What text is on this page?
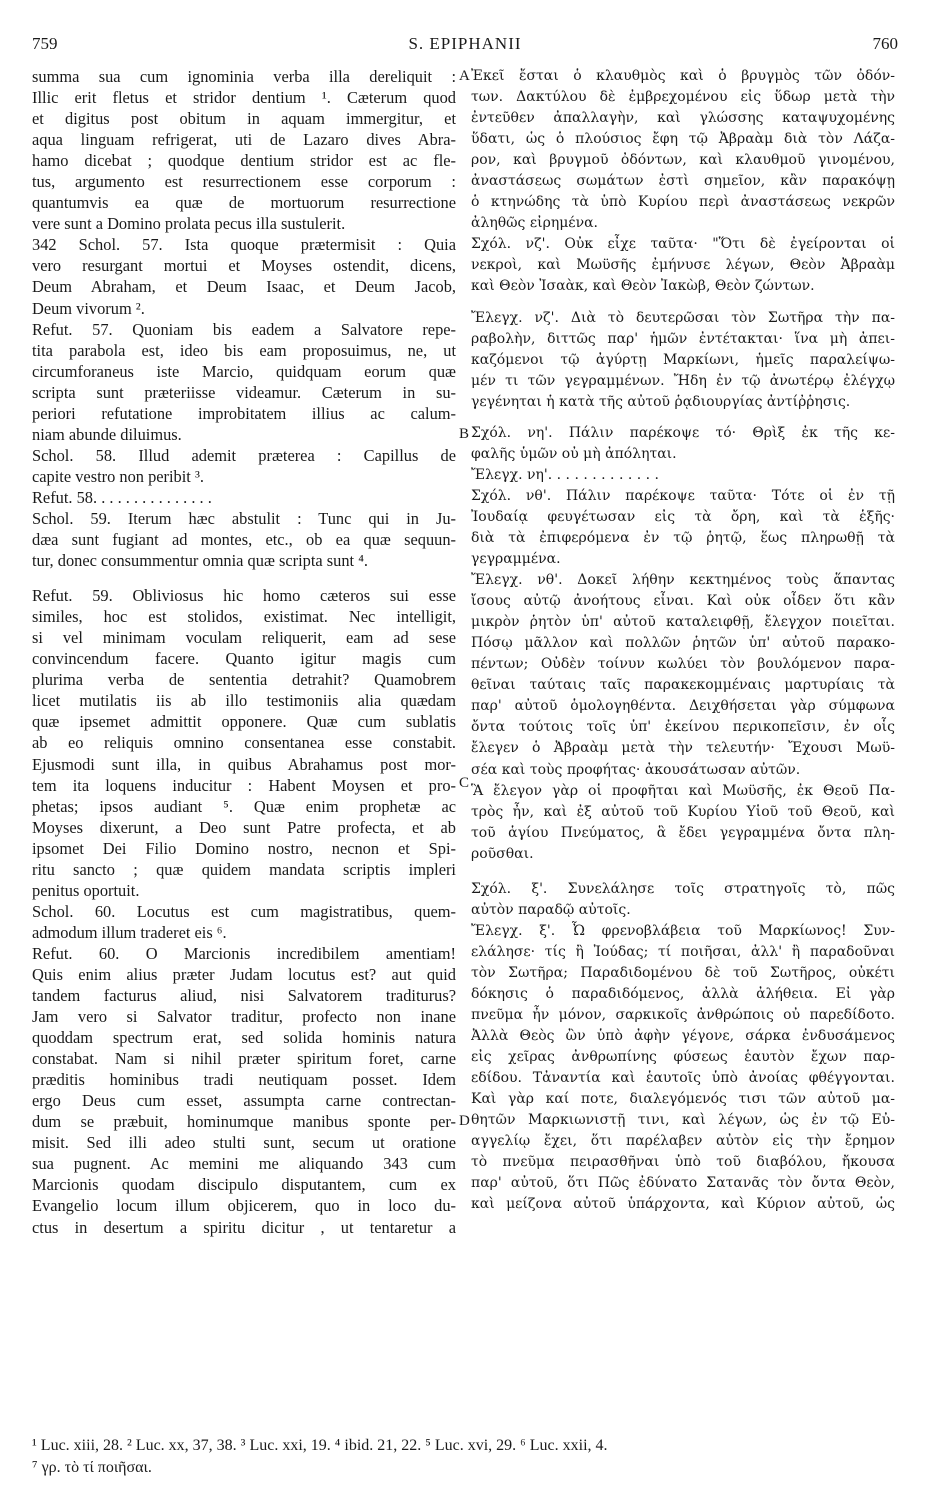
759	S. EPIPHANII	760
A
B
C
D
summa sua cum ignominia verba illa dereliquit :
Illic erit fletus et stridor dentium ¹. Cæterum quod
et digitus post obitum in aquam immergitur, et
aqua linguam refrigerat, uti de Lazaro dives Abra-
hamo dicebat ; quodque dentium stridor est ac fle-
tus, argumento est resurrectionem esse corporum :
quantumvis ea quæ de mortuorum resurrectione
vere sunt a Domino prolata pecus illa sustulerit.
342 Schol. 57. Ista quoque prætermisit : Quia
vero resurgant mortui et Moyses ostendit, dicens,
Deum Abraham, et Deum Isaac, et Deum Jacob,
Deum vivorum ².
Refut. 57. Quoniam bis eadem a Salvatore repe-
tita parabola est, ideo bis eam proposuimus, ne, ut
circumforaneus iste Marcio, quidquam eorum quæ
scripta sunt præteriisse videamur. Cæterum in su-
periori refutatione improbitatem illius ac calum-
niam abunde diluimus.
Schol. 58. Illud ademit præterea : Capillus de
capite vestro non peribit ³.
Refut. 58. . . . . . . . . . . . . . .
Schol. 59. Iterum hæc abstulit : Tunc qui in Ju-
dæa sunt fugiant ad montes, etc., ob ea quæ sequun-
tur, donec consummentur omnia quæ scripta sunt ⁴.
Refut. 59. Obliviosus hic homo cæteros sui esse
similes, hoc est stolidos, existimat. Nec intelligit,
si vel minimam voculam reliquerit, eam ad sese
convincendum facere. Quanto igitur magis cum
plurima verba de sententia detrahit? Quamobrem
licet mutilatis iis ab illo testimoniis alia quædam
quæ ipsemet admittit opponere. Quæ cum sublatis
ab eo reliquis omnino consentanea esse constabit.
Ejusmodi sunt illa, in quibus Abrahamus post mor-
tem ita loquens inducitur : Habent Moysen et pro-
phetas; ipsos audiant ⁵. Quæ enim prophetæ ac
Moyses dixerunt, a Deo sunt Patre profecta, et ab
ipsomet Dei Filio Domino nostro, necnon et Spi-
ritu sancto ; quæ quidem mandata scriptis impleri
penitus oportuit.
Schol. 60. Locutus est cum magistratibus, quem-
admodum illum traderet eis ⁶.
Refut. 60. O Marcionis incredibilem amentiam!
Quis enim alius præter Judam locutus est? aut quid
tandem facturus aliud, nisi Salvatorem traditurus?
Jam vero si Salvator traditur, profecto non inane
quoddam spectrum erat, sed solida hominis natura
constabat. Nam si nihil præter spiritum foret, carne
præditis hominibus tradi neutiquam posset. Idem
ergo Deus cum esset, assumpta carne contrectan-
dum se præbuit, hominumque manibus sponte per-
misit. Sed illi adeo stulti sunt, secum ut oratione
sua pugnent. Ac memini me aliquando 343 cum
Marcionis quodam discipulo disputantem, cum ex
Evangelio locum illum objicerem, quo in loco du-
ctus in desertum a spiritu dicitur , ut tentaretur a
Ἐκεῖ ἔσται ὁ κλαυθμὸς καὶ ὁ βρυγμὸς τῶν ὀδόν-
των. Δακτύλου δὲ ἐμβρεχομένου εἰς ὕδωρ μετὰ τὴν
ἐντεῦθεν ἀπαλλαγὴν, καὶ γλώσσης καταψυχομένης
ὕδατι, ὡς ὁ πλούσιος ἔφη τῷ Ἀβραὰμ διὰ τὸν Λάζα-
ρον, καὶ βρυγμοῦ ὀδόντων, καὶ κλαυθμοῦ γινομένου,
ἀναστάσεως σωμάτων ἐστὶ σημεῖον, κἂν παρακόψῃ
ὁ κτηνώδης τὰ ὑπὸ Κυρίου περὶ ἀναστάσεως νεκρῶν
ἀληθῶς εἰρημένα.
Σχόλ. νζ'. Οὐκ εἶχε ταῦτα· "Ὅτι δὲ ἐγείρονται οἱ
νεκροὶ, καὶ Μωϋσῆς ἐμήνυσε λέγων, Θεὸν Ἀβραὰμ
καὶ Θεὸν Ἰσαὰκ, καὶ Θεὸν Ἰακὼβ, Θεὸν ζώντων.
Ἔλεγχ. νζ'. Διὰ τὸ δευτερῶσαι τὸν Σωτῆρα τὴν πα-
ραβολὴν, διττῶς παρ' ἡμῶν ἐντέτακται· ἵνα μὴ ἀπει-
καζόμενοι τῷ ἀγύρτῃ Μαρκίωνι, ἡμεῖς παραλείψω-
μέν τι τῶν γεγραμμένων. Ἤδη ἐν τῷ ἀνωτέρῳ ἐλέγχῳ
γεγένηται ἡ κατὰ τῆς αὐτοῦ ῥᾳδιουργίας ἀντίῤῥησις.
Σχόλ. νη'. Πάλιν παρέκοψε τό· Θρὶξ ἐκ τῆς κε-
φαλῆς ὑμῶν οὐ μὴ ἀπόληται.
Ἔλεγχ. νη'. . . . . . . . . . . . .
Σχόλ. νθ'. Πάλιν παρέκοψε ταῦτα· Τότε οἱ ἐν τῇ
Ἰουδαίᾳ φευγέτωσαν εἰς τὰ ὄρη, καὶ τὰ ἑξῆς·
διὰ τὰ ἐπιφερόμενα ἐν τῷ ῥητῷ, ἕως πληρωθῇ τὰ
γεγραμμένα.
Ἔλεγχ. νθ'. Δοκεῖ λήθην κεκτημένος τοὺς ἅπαντας
ἴσους αὐτῷ ἀνοήτους εἶναι. Καὶ οὐκ οἶδεν ὅτι κἂν
μικρὸν ῥητὸν ὑπ' αὐτοῦ καταλειφθῇ, ἔλεγχον ποιεῖται.
Πόσῳ μᾶλλον καὶ πολλῶν ῥητῶν ὑπ' αὐτοῦ παρακο-
πέντων; Οὐδὲν τοίνυν κωλύει τὸν βουλόμενον παρα-
θεῖναι ταύταις ταῖς παρακεκομμέναις μαρτυρίαις τὰ
παρ' αὐτοῦ ὁμολογηθέντα. Δειχθήσεται γὰρ σύμφωνα
ὄντα τούτοις τοῖς ὑπ' ἐκείνου περικοπεῖσιν, ἐν οἷς
ἔλεγεν ὁ Ἀβραὰμ μετὰ τὴν τελευτήν· Ἔχουσι Μωϋ-
σέα καὶ τοὺς προφήτας· ἀκουσάτωσαν αὐτῶν.
Ἃ ἔλεγον γὰρ οἱ προφῆται καὶ Μωϋσῆς, ἐκ Θεοῦ Πα-
τρὸς ἦν, καὶ ἐξ αὐτοῦ τοῦ Κυρίου Υἱοῦ τοῦ Θεοῦ, καὶ
τοῦ ἁγίου Πνεύματος, ἃ ἔδει γεγραμμένα ὄντα πλη-
ροῦσθαι.
Σχόλ. ξ'. Συνελάλησε τοῖς στρατηγοῖς τὸ, πῶς
αὐτὸν παραδῷ αὐτοῖς.
Ἔλεγχ. ξ'. Ὦ φρενοβλάβεια τοῦ Μαρκίωνος! Συν-
ελάλησε· τίς ἢ Ἰούδας; τί ποιῆσαι, ἀλλ' ἢ παραδοῦναι
τὸν Σωτῆρα; Παραδιδομένου δὲ τοῦ Σωτῆρος, οὐκέτι
δόκησις ὁ παραδιδόμενος, ἀλλὰ ἀλήθεια. Εἰ γὰρ
πνεῦμα ἦν μόνον, σαρκικοῖς ἀνθρώποις οὐ παρεδίδοτο.
Ἀλλὰ Θεὸς ὢν ὑπὸ ἀφὴν γέγονε, σάρκα ἐνδυσάμενος
εἰς χεῖρας ἀνθρωπίνης φύσεως ἑαυτὸν ἔχων παρ-
εδίδου. Τἀναντία καὶ ἑαυτοῖς ὑπὸ ἀνοίας φθέγγονται.
Καὶ γὰρ καί ποτε, διαλεγόμενός τισι τῶν αὐτοῦ μα-
θητῶν Μαρκιωνιστῇ τινι, καὶ λέγων, ὡς ἐν τῷ Εὐ-
αγγελίῳ ἔχει, ὅτι παρέλαβεν αὐτὸν εἰς τὴν ἔρημον
τὸ πνεῦμα πειρασθῆναι ὑπὸ τοῦ διαβόλου, ἤκουσα
παρ' αὐτοῦ, ὅτι Πῶς ἐδύνατο Σατανᾶς τὸν ὄντα Θεὸν,
καὶ μείζονα αὐτοῦ ὑπάρχοντα, καὶ Κύριον αὐτοῦ, ὡς
¹ Luc. xiii, 28. ² Luc. xx, 37, 38. ³ Luc. xxi, 19. ⁴ ibid. 21, 22. ⁵ Luc. xvi, 29. ⁶ Luc. xxii, 4.
⁷ γρ. τὸ τί ποιῆσαι.
